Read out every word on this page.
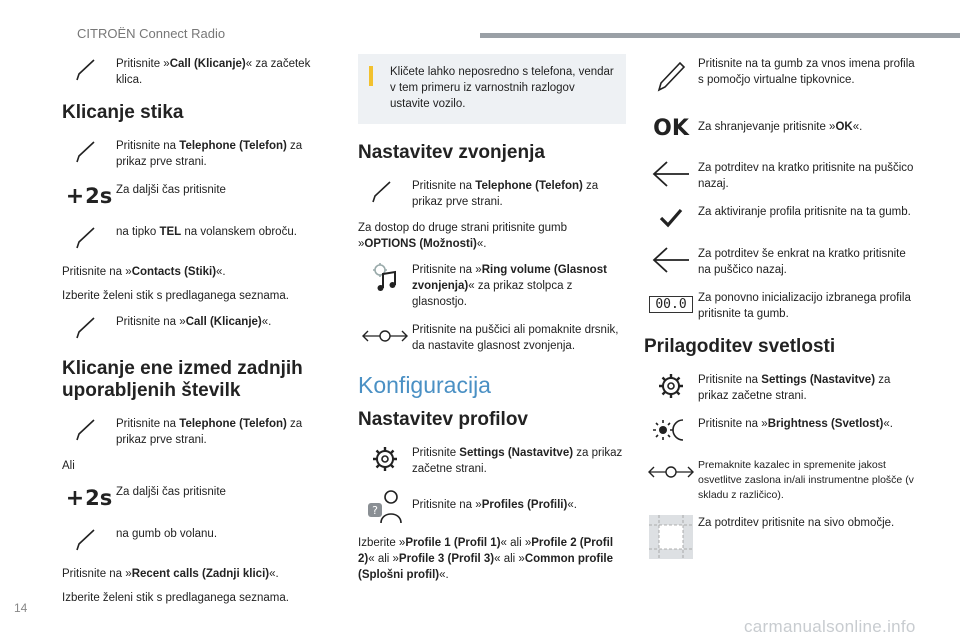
CITROËN Connect Radio
Pritisnite »Call (Klicanje)« za začetek klica.
Klicanje stika
Pritisnite na Telephone (Telefon) za prikaz prve strani.
+ 2s Za daljši čas pritisnite
na tipko TEL na volanskem obroču.
Pritisnite na »Contacts (Stiki)«.
Izberite želeni stik s predlaganega seznama.
Pritisnite na »Call (Klicanje)«.
Klicanje ene izmed zadnjih uporabljenih številk
Pritisnite na Telephone (Telefon) za prikaz prve strani.
Ali
+ 2s Za daljši čas pritisnite
na gumb ob volanu.
Pritisnite na »Recent calls (Zadnji klici)«.
Izberite želeni stik s predlaganega seznama.
Kličete lahko neposredno s telefona, vendar v tem primeru iz varnostnih razlogov ustavite vozilo.
Nastavitev zvonjenja
Pritisnite na Telephone (Telefon) za prikaz prve strani.
Za dostop do druge strani pritisnite gumb »OPTIONS (Možnosti)«.
Pritisnite na »Ring volume (Glasnost zvonjenja)« za prikaz stolpca z glasnostjo.
Pritisnite na puščici ali pomaknite drsnik, da nastavite glasnost zvonjenja.
Konfiguracija
Nastavitev profilov
Pritisnite Settings (Nastavitve) za prikaz začetne strani.
?	Pritisnite na »Profiles (Profili)«.
Izberite »Profile 1 (Profil 1)« ali »Profile 2 (Profil 2)« ali »Profile 3 (Profil 3)« ali »Common profile (Splošni profil)«.
Pritisnite na ta gumb za vnos imena profila s pomočjo virtualne tipkovnice.
OK Za shranjevanje pritisnite »OK«.
Za potrditev na kratko pritisnite na puščico nazaj.
Za aktiviranje profila pritisnite na ta gumb.
Za potrditev še enkrat na kratko pritisnite na puščico nazaj.
00.0 Za ponovno inicializacijo izbranega profila pritisnite ta gumb.
Prilagoditev svetlosti
Pritisnite na Settings (Nastavitve) za prikaz začetne strani.
Pritisnite na »Brightness (Svetlost)«.
Premaknite kazalec in spremenite jakost osvetlitve zaslona in/ali instrumentne plošče (v skladu z različico).
Za potrditev pritisnite na sivo območje.
14
carmanualsonline.info
